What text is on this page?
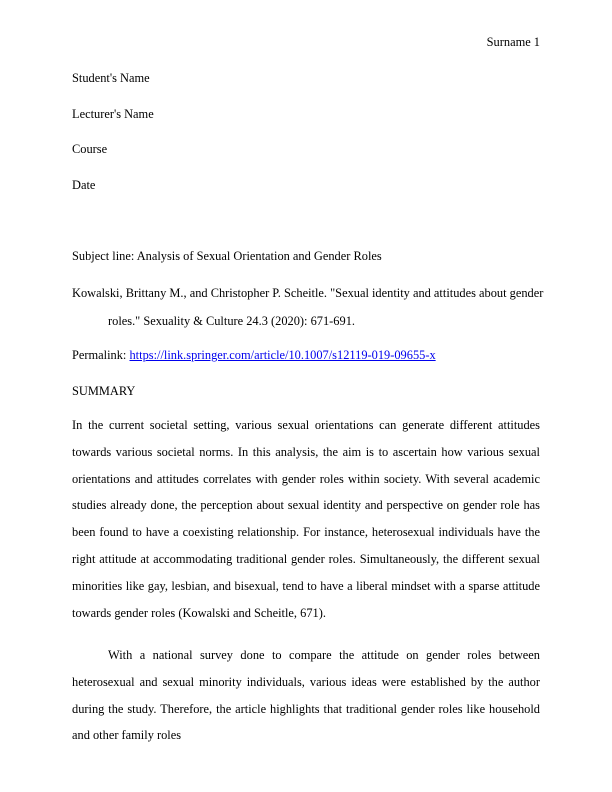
Surname 1
Student's Name
Lecturer's Name
Course
Date
Subject line: Analysis of Sexual Orientation and Gender Roles
Kowalski, Brittany M., and Christopher P. Scheitle. "Sexual identity and attitudes about gender
roles." Sexuality & Culture 24.3 (2020): 671-691.
Permalink: https://link.springer.com/article/10.1007/s12119-019-09655-x
SUMMARY

In the current societal setting, various sexual orientations can generate different attitudes towards various societal norms. In this analysis, the aim is to ascertain how various sexual orientations and attitudes correlates with gender roles within society. With several academic studies already done, the perception about sexual identity and perspective on gender role has been found to have a coexisting relationship. For instance, heterosexual individuals have the right attitude at accommodating traditional gender roles. Simultaneously, the different sexual minorities like gay, lesbian, and bisexual, tend to have a liberal mindset with a sparse attitude towards gender roles (Kowalski and Scheitle, 671).

With a national survey done to compare the attitude on gender roles between heterosexual and sexual minority individuals, various ideas were established by the author during the study. Therefore, the article highlights that traditional gender roles like household and other family roles
